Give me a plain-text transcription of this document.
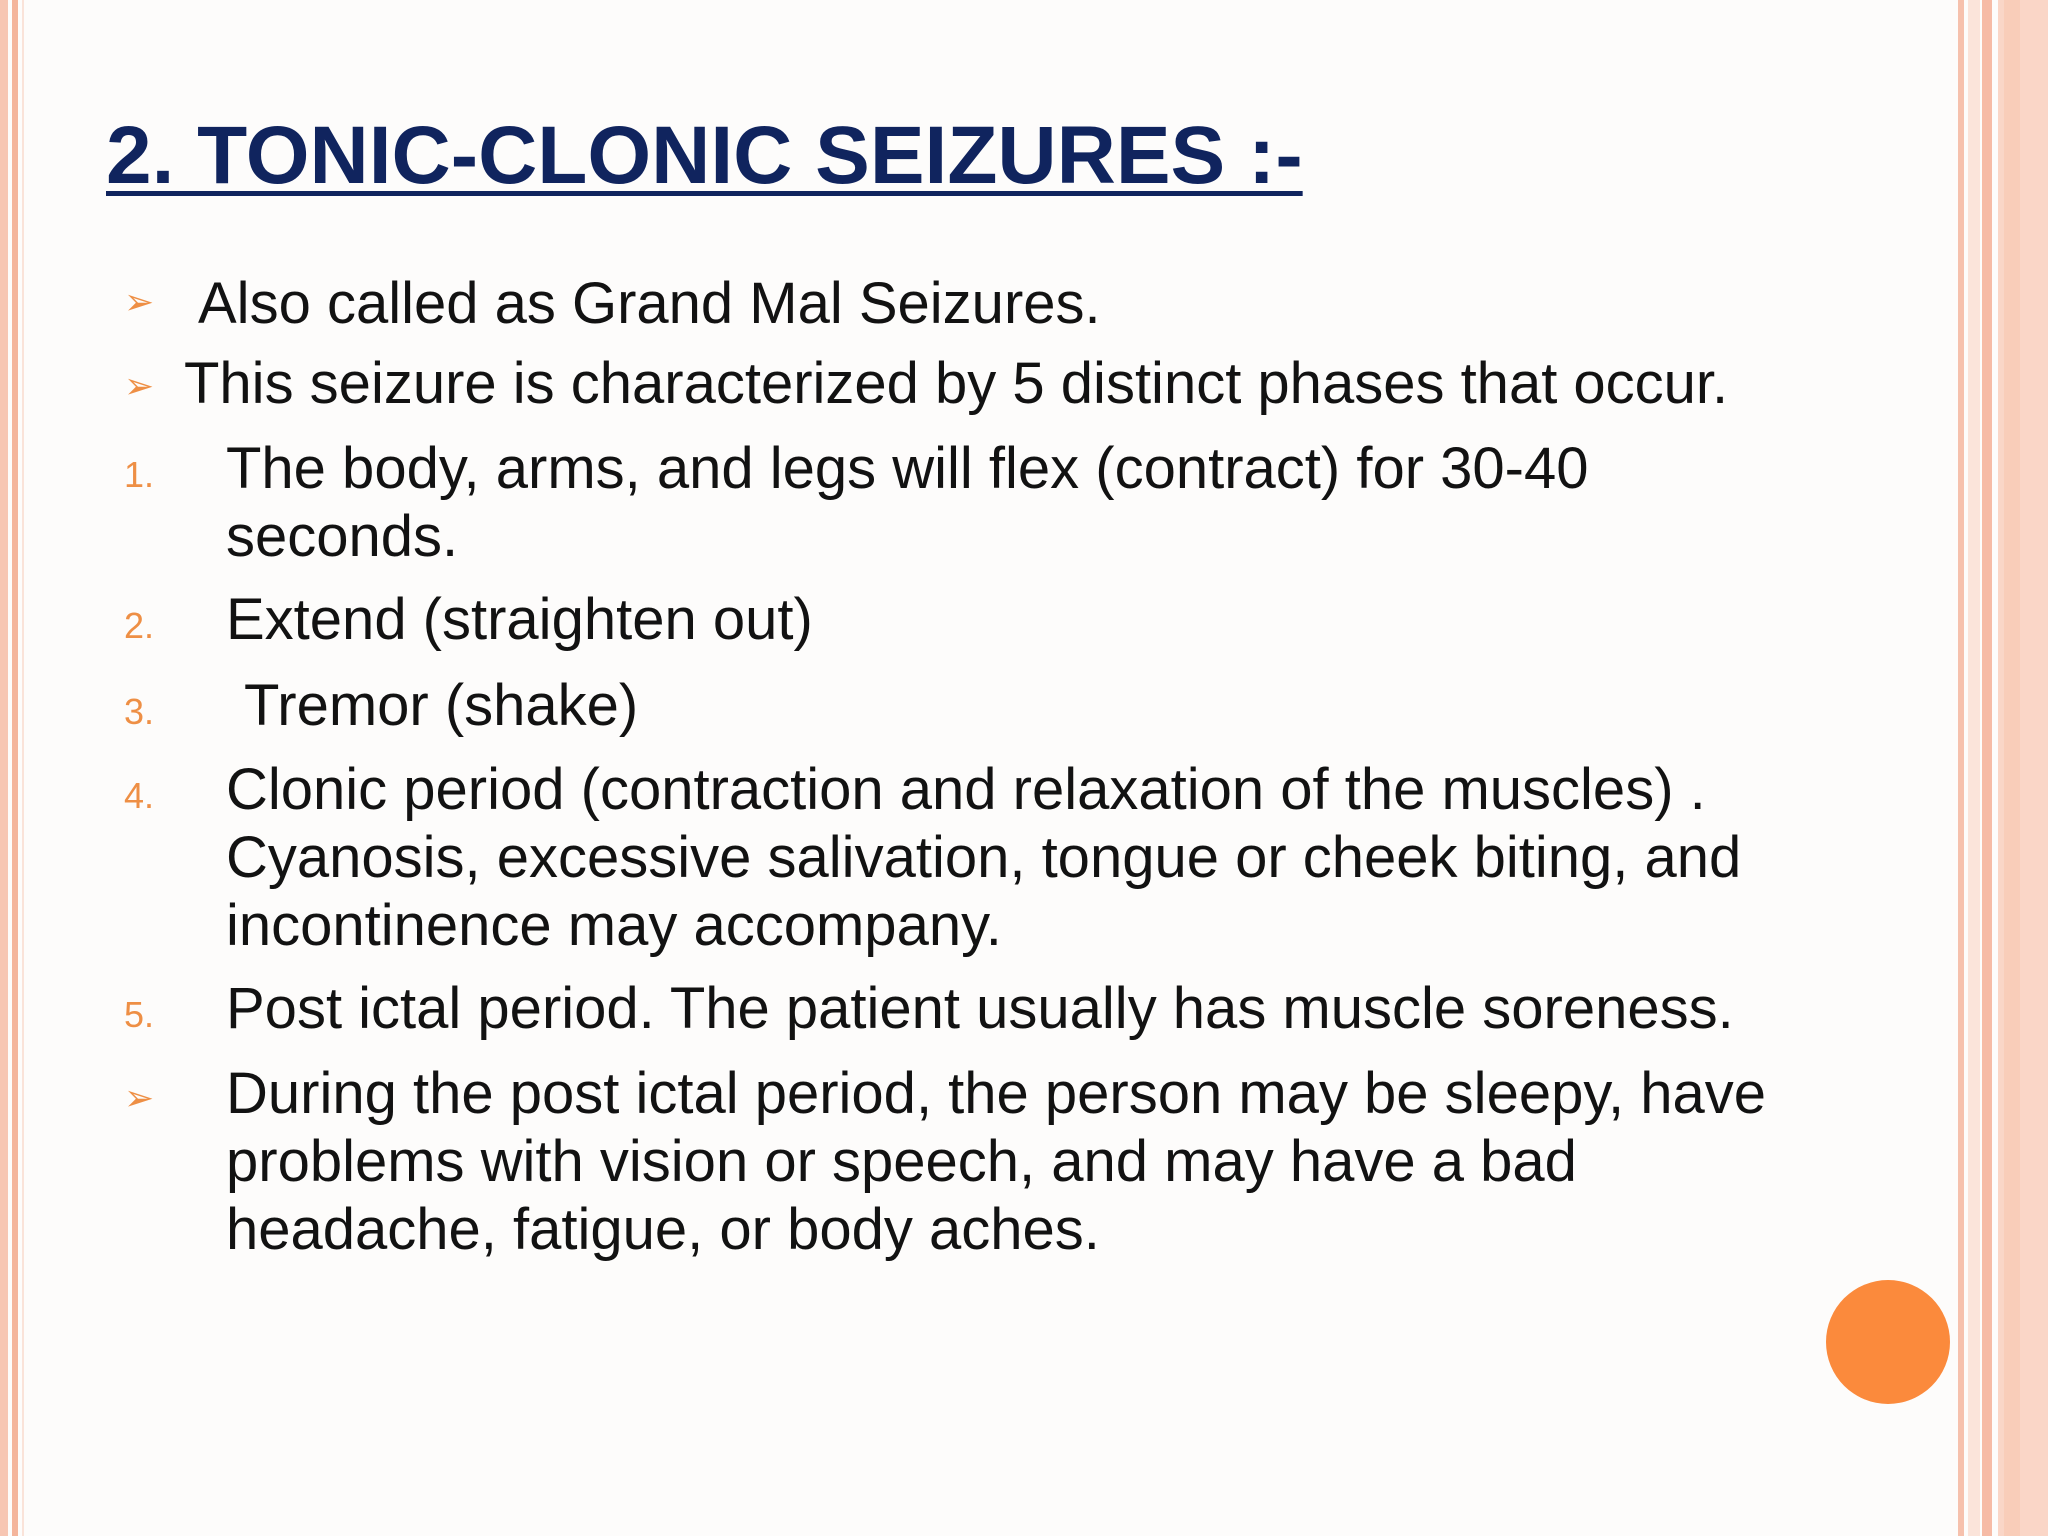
2. TONIC-CLONIC SEIZURES :-
➢ Also called as Grand Mal Seizures.
➢ This seizure is characterized by 5 distinct phases that occur.
1. The body, arms, and legs will flex (contract) for 30-40
seconds.
2. Extend (straighten out)
3. Tremor (shake)
4. Clonic period (contraction and relaxation of the muscles) .
Cyanosis, excessive salivation, tongue or cheek biting, and
incontinence may accompany.
5. Post ictal period. The patient usually has muscle soreness.
➢ During the post ictal period, the person may be sleepy, have
problems with vision or speech, and may have a bad
headache, fatigue, or body aches.
